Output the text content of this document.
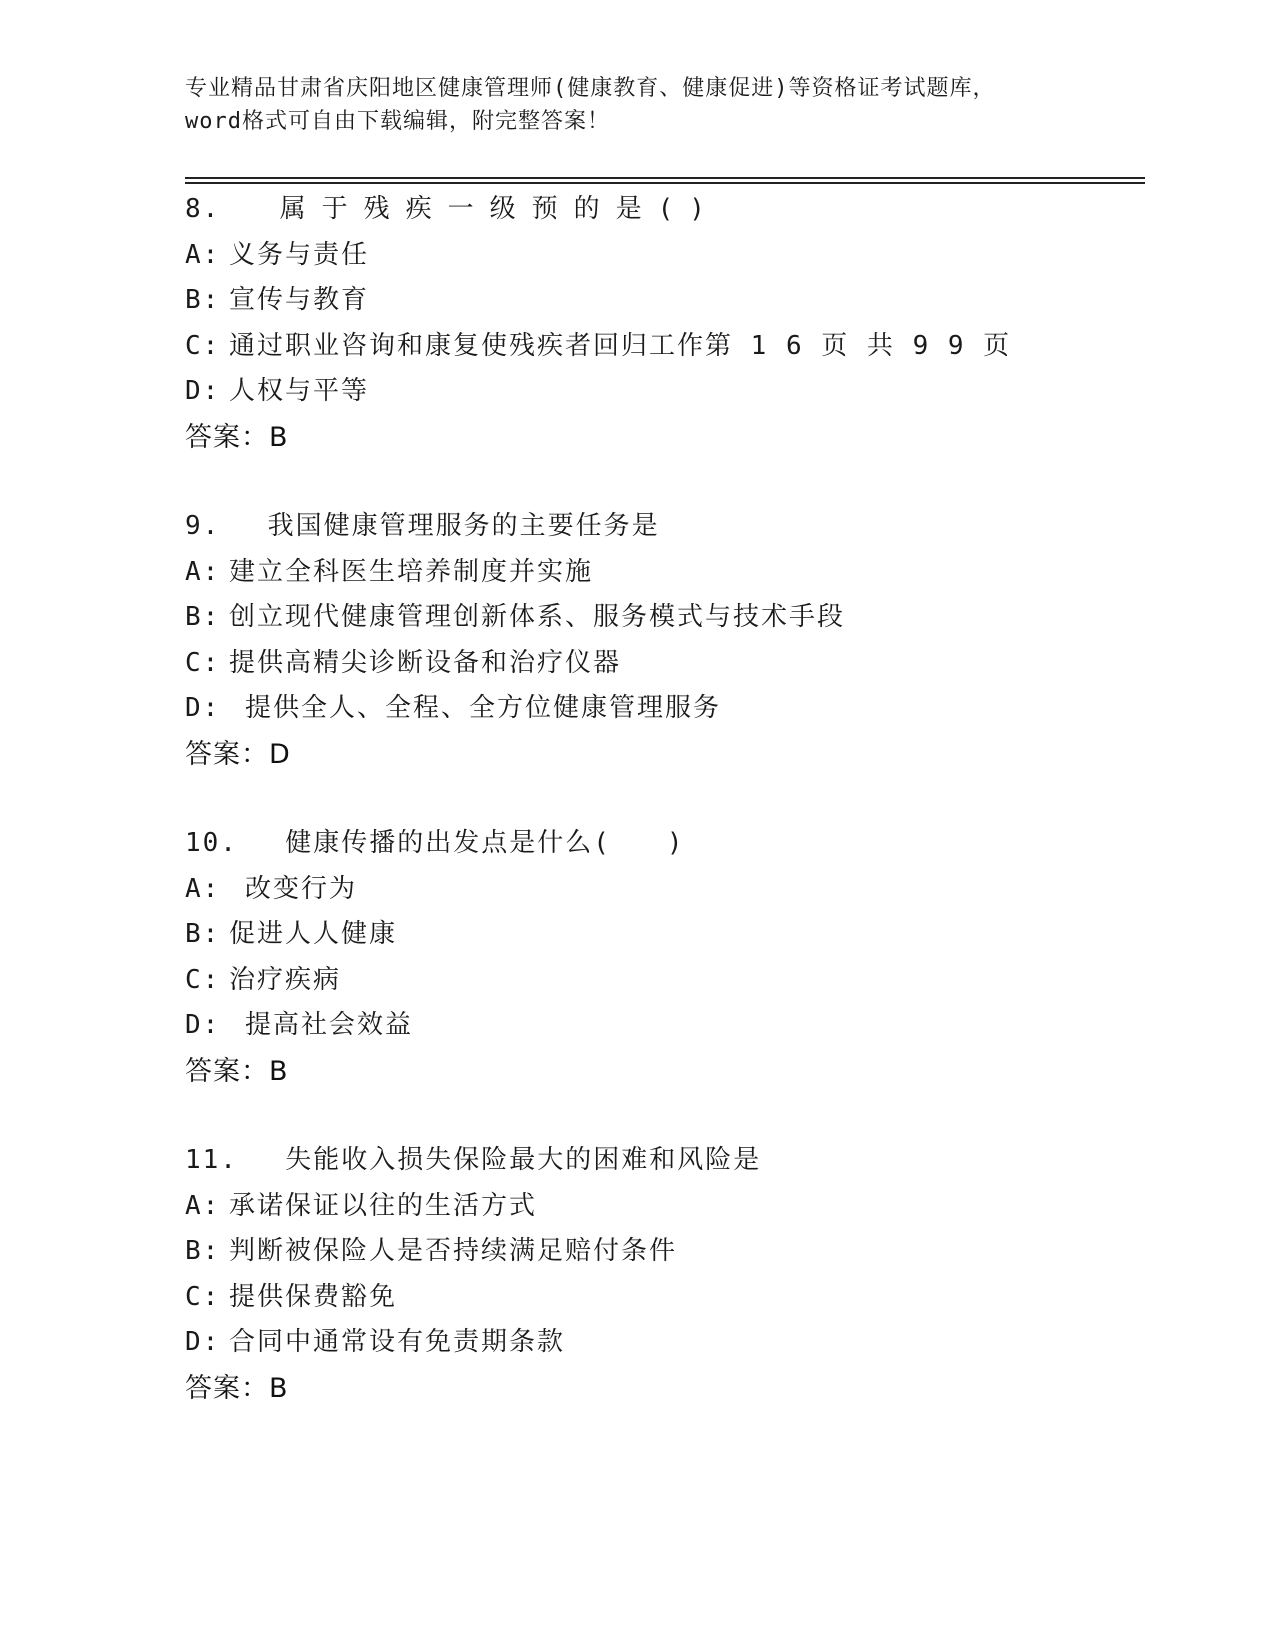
专业精品甘肃省庆阳地区健康管理师(健康教育、健康促进)等资格证考试题库，
word格式可自由下载编辑，附完整答案！
8. 属于残疾一级预的是()
A: 义务与责任
B: 宣传与教育
C: 通过职业咨询和康复使残疾者回归工作第 1 6 页 共 9 9 页
D: 人权与平等
答案：B
9. 我国健康管理服务的主要任务是
A: 建立全科医生培养制度并实施
B: 创立现代健康管理创新体系、服务模式与技术手段
C: 提供高精尖诊断设备和治疗仪器
D: 提供全人、全程、全方位健康管理服务
答案：D
10. 健康传播的出发点是什么(　　)
A: 改变行为
B: 促进人人健康
C: 治疗疾病
D: 提高社会效益
答案：B
11. 失能收入损失保险最大的困难和风险是
A: 承诺保证以往的生活方式
B: 判断被保险人是否持续满足赔付条件
C: 提供保费豁免
D: 合同中通常设有免责期条款
答案：B
